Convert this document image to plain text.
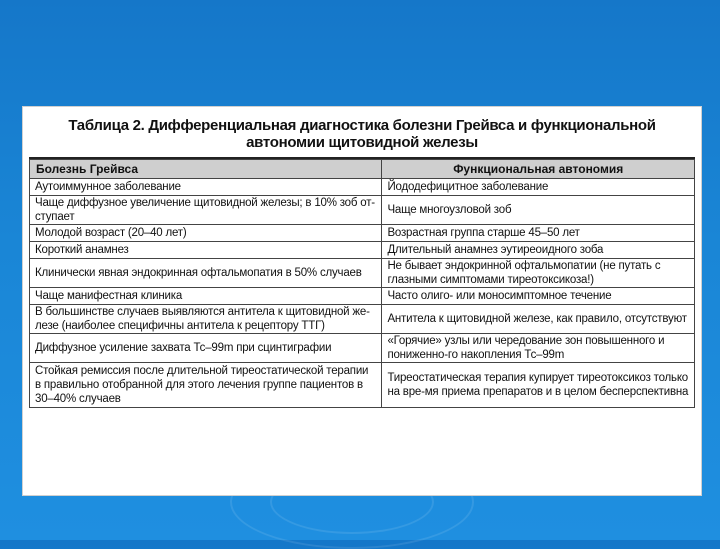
Таблица 2. Дифференциальная диагностика болезни Грейвса и функциональной
автономии щитовидной железы
Болезнь Грейвса	Функциональная автономия
Аутоиммунное заболевание	Йододефицитное заболевание
Чаще диффузное увеличение щитовидной железы; в 10% зоб от-ступает	Чаще многоузловой зоб
Молодой возраст (20–40 лет)	Возрастная группа старше 45–50 лет
Короткий анамнез	Длительный анамнез эутиреоидного зоба
Клинически явная эндокринная офтальмопатия в 50% случаев	Не бывает эндокринной офтальмопатии (не путать с глазными симптомами тиреотоксикоза!)
Чаще манифестная клиника	Часто олиго- или моносимптомное течение
В большинстве случаев выявляются антитела к щитовидной же-лезе (наиболее специфичны антитела к рецептору ТТГ)	Антитела к щитовидной железе, как правило, отсутствуют
Диффузное усиление захвата Тс–99m при сцинтиграфии	«Горячие» узлы или чередование зон повышенного и пониженно-го накопления Тс–99m
Стойкая ремиссия после длительной тиреостатической терапии в правильно отобранной для этого лечения группе пациентов в 30–40% случаев	Тиреостатическая терапия купирует тиреотоксикоз только на вре-мя приема препаратов и в целом бесперспективна
